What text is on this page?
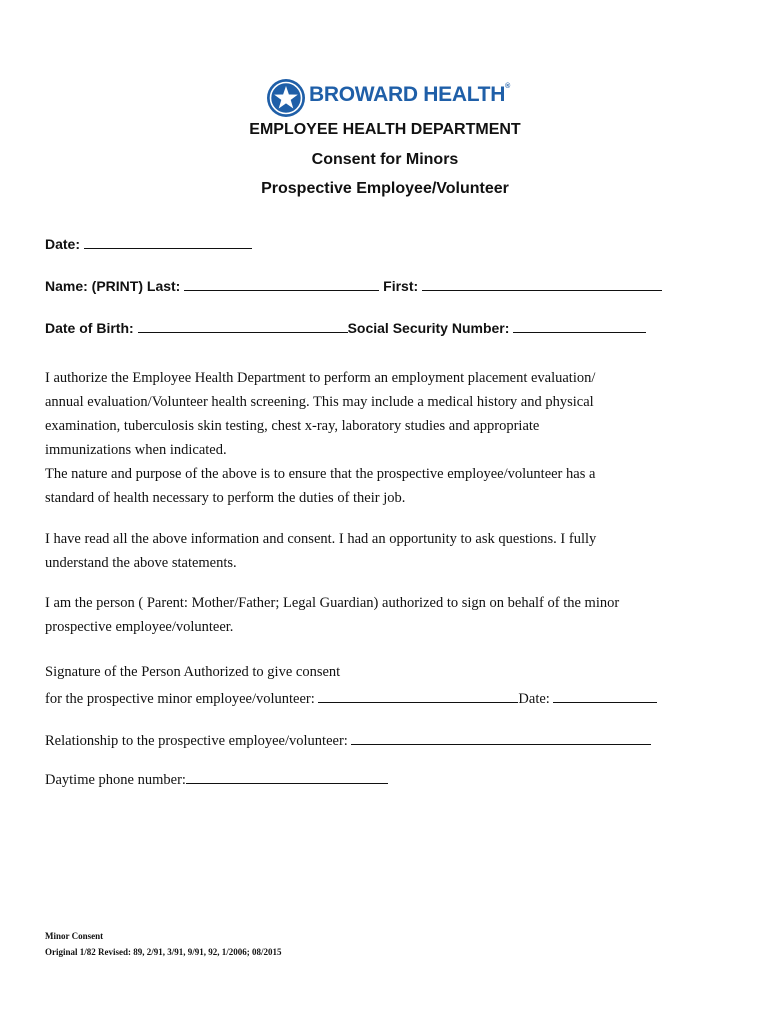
BROWARD HEALTH®
EMPLOYEE HEALTH DEPARTMENT
Consent for Minors
Prospective Employee/Volunteer
Date:
Name: (PRINT) Last:	First:
Date of Birth:	Social Security Number:
I authorize the Employee Health Department to perform an employment placement evaluation/
annual evaluation/Volunteer health screening. This may include a medical history and physical
examination, tuberculosis skin testing, chest x-ray, laboratory studies and appropriate
immunizations when indicated.
The nature and purpose of the above is to ensure that the prospective employee/volunteer has a
standard of health necessary to perform the duties of their job.
I have read all the above information and consent. I had an opportunity to ask questions. I fully
understand the above statements.
I am the person ( Parent: Mother/Father; Legal Guardian) authorized to sign on behalf of the minor
prospective employee/volunteer.
Signature of the Person Authorized to give consent
for the prospective minor employee/volunteer:	Date:
Relationship to the prospective employee/volunteer:
Daytime phone number:
Minor Consent
Original 1/82 Revised: 89, 2/91, 3/91, 9/91, 92, 1/2006; 08/2015
